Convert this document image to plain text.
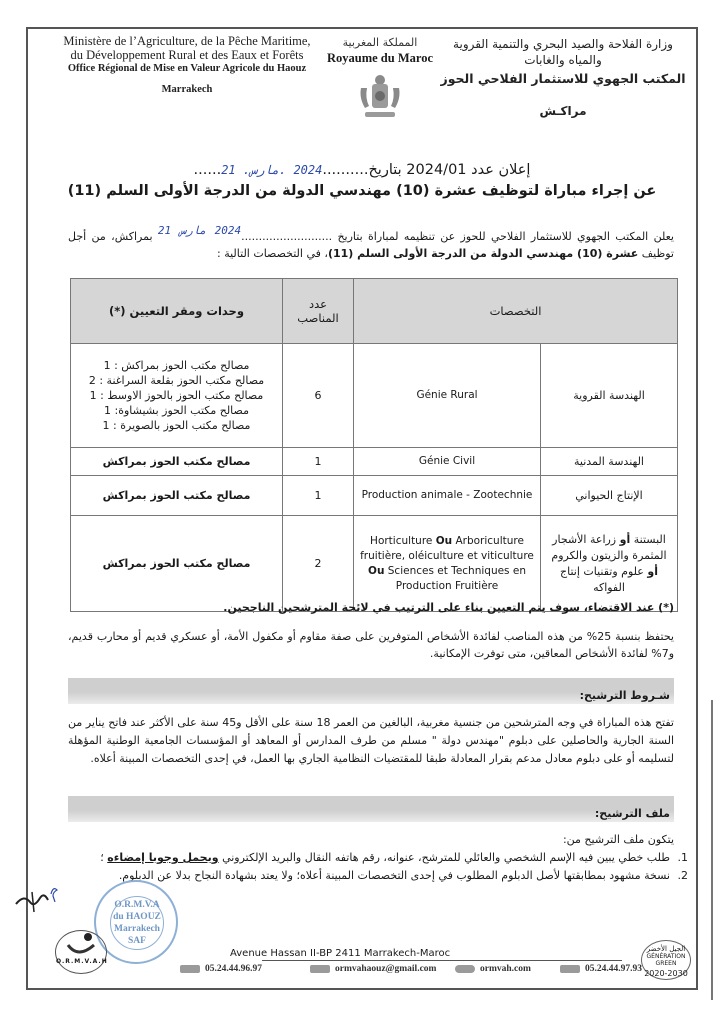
Ministère de l’Agriculture, de la Pêche Maritime, du Développement Rural et des Eaux et Forêts
Office Régional de Mise en Valeur Agricole du Haouz
Marrakech
المملكة المغربية
Royaume du Maroc
وزارة الفلاحة والصيد البحري والتنمية القروية
والمياه والغابات
المكتب الجهوي للاستثمار الفلاحي الحوز
مراكـش
إعلان عدد 2024/01 بتاريخ..........2024 .مارس. 21......
عن إجراء مباراة لتوظيف عشرة (10) مهندسي الدولة من الدرجة الأولى السلم (11)
يعلن المكتب الجهوي للاستثمار الفلاحي للحوز عن تنظيمه لمباراة بتاريخ ..........................2024 مارس 21 بمراكش، من أجل توظيف عشرة (10) مهندسي الدولة من الدرجة الأولى السلم (11)، في التخصصات التالية :
التخصصات		عدد المناصب	وحدات ومقر التعيين (*)
الهندسة القروية	Génie Rural	6	مصالح مكتب الحوز بمراكش : 1
مصالح مكتب الحوز بقلعة السراغنة : 2
مصالح مكتب الحوز بالحوز الاوسط : 1
مصالح مكتب الحوز بشيشاوة: 1
مصالح مكتب الحوز بالصويرة : 1

الهندسة المدنية	Génie Civil	1	مصالح مكتب الحوز بمراكش
الإنتاج الحيواني	Production animale - Zootechnie	1	مصالح مكتب الحوز بمراكش
البستنة أو زراعة الأشجار المثمرة والزيتون والكروم أو علوم وتقنيات إنتاج الفواكه	Horticulture Ou Arboriculture fruitière, oléiculture et viticulture Ou Sciences et Techniques en Production Fruitière	2	مصالح مكتب الحوز بمراكش
(*) عند الاقتضاء، سوف يتم التعيين بناء على الترتيب في لائحة المترشحين الناجحين.
يحتفظ بنسبة 25% من هذه المناصب لفائدة الأشخاص المتوفرين على صفة مقاوم أو مكفول الأمة، أو عسكري قديم أو محارب قديم، و7% لفائدة الأشخاص المعاقين، متى توفرت الإمكانية.
شـروط الترشيح:
تفتح هذه المباراة في وجه المترشحين من جنسية مغربية، البالغين من العمر 18 سنة على الأقل و45 سنة على الأكثر عند فاتح يناير من السنة الجارية والحاصلين على دبلوم "مهندس دولة " مسلم من طرف المدارس أو المعاهد أو المؤسسات الجامعية الوطنية المؤهلة لتسليمه أو على دبلوم معادل مدعم بقرار المعادلة طبقا للمقتضيات النظامية الجاري بها العمل، في إحدى التخصصات المبينة أعلاه.
ملف الترشيح:
يتكون ملف الترشيح من:
1. طلب خطي يبين فيه الإسم الشخصي والعائلي للمترشح، عنوانه، رقم هاتفه النقال والبريد الإلكتروني ويحمل وجوبا إمضاءه ؛
2. نسخة مشهود بمطابقتها لأصل الدبلوم المطلوب في إحدى التخصصات المبينة أعلاه؛ ولا يعتد بشهادة النجاح بدلا عن الدبلوم.
O.R.M.V.A
du HAOUZ
Marrakech
SAF
O.R.M.V.A.H
Avenue Hassan II-BP 2411 Marrakech-Maroc
05.24.44.96.97	ormvahaouz@gmail.com	ormvah.com	05.24.44.97.93
الجيل الأخضر
GÉNÉRATION GREEN
2020-2030
